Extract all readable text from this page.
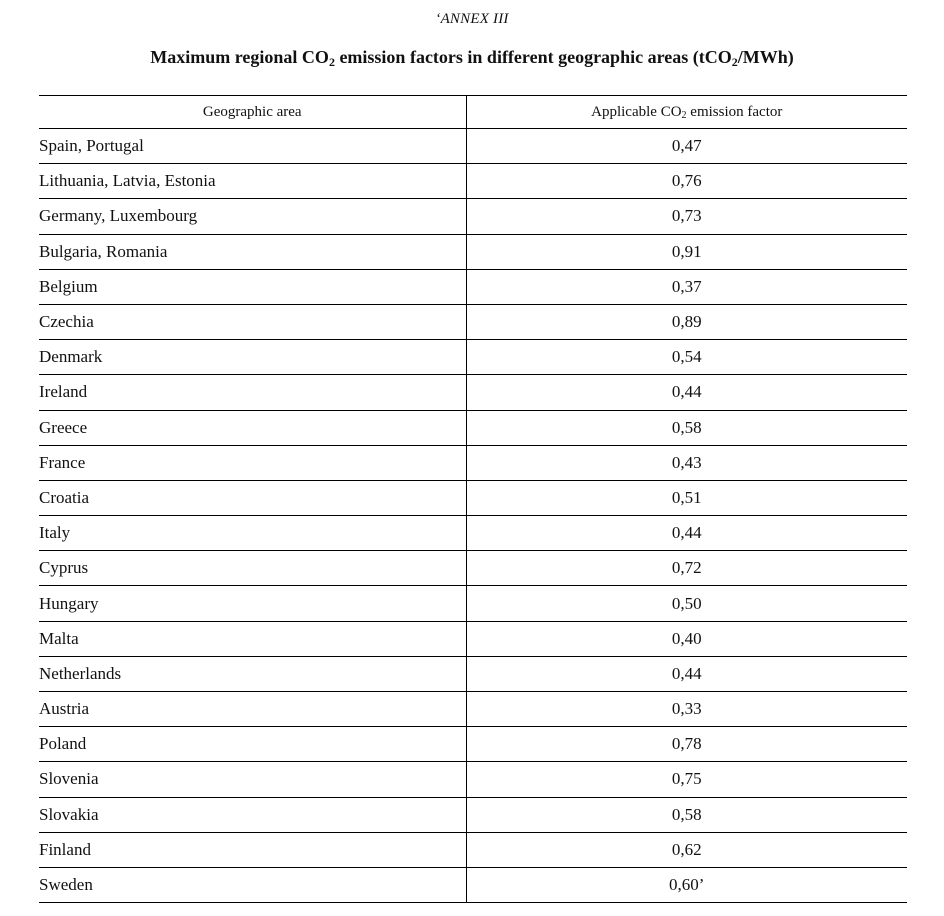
‘ANNEX III
Maximum regional $CO_2$ emission factors in different geographic areas (tCO$_2$/MWh)
Geographic area	Applicable $CO_2$ emission factor
Spain, Portugal	0,47
Lithuania, Latvia, Estonia	0,76
Germany, Luxembourg	0,73
Bulgaria, Romania	0,91
Belgium	0,37
Czechia	0,89
Denmark	0,54
Ireland	0,44
Greece	0,58
France	0,43
Croatia	0,51
Italy	0,44
Cyprus	0,72
Hungary	0,50
Malta	0,40
Netherlands	0,44
Austria	0,33
Poland	0,78
Slovenia	0,75
Slovakia	0,58
Finland	0,62
Sweden	0,60’
